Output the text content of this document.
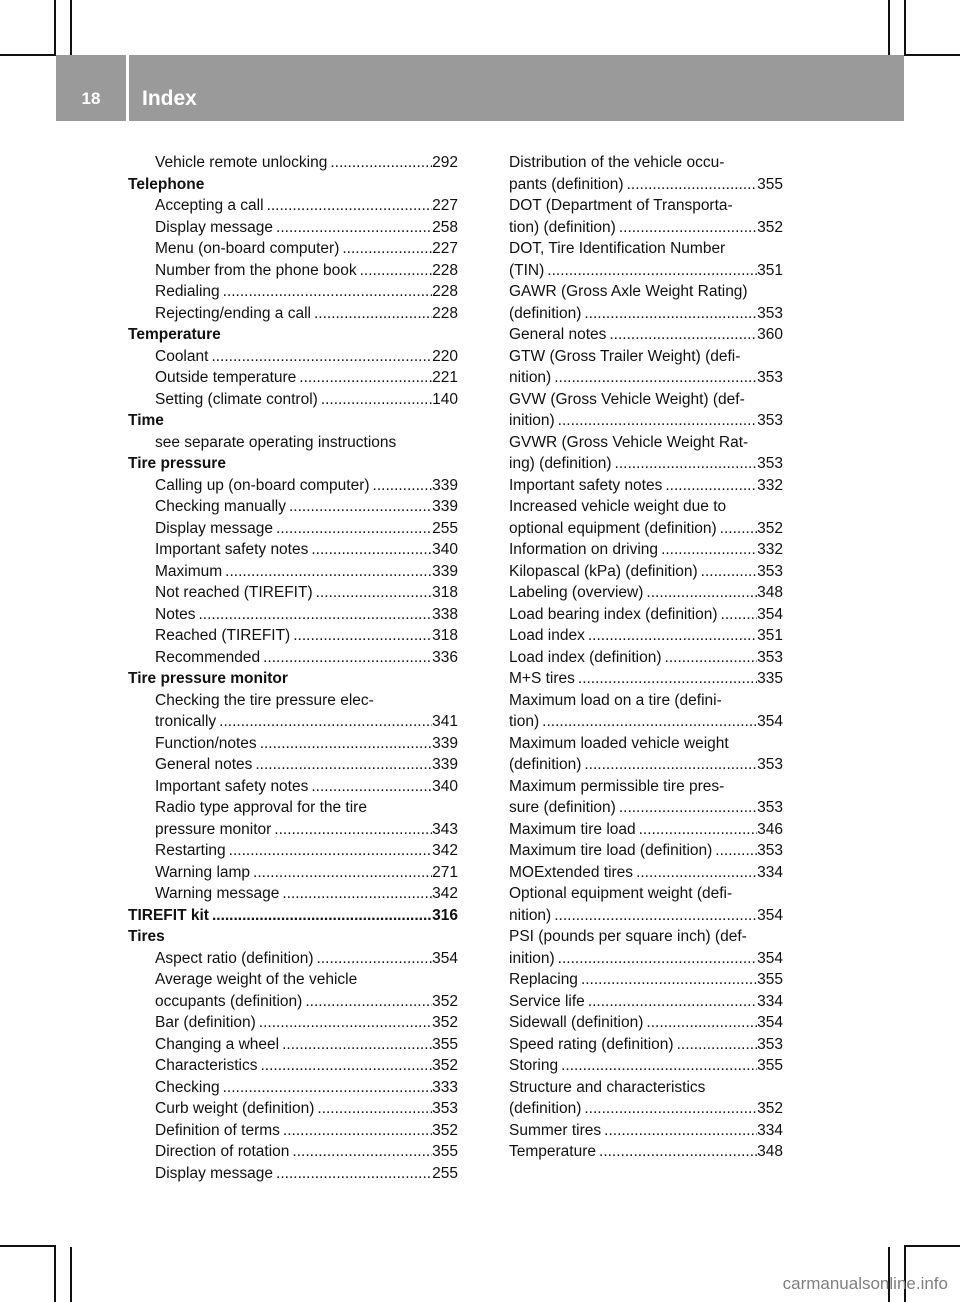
18	Index
Vehicle remote unlocking .....	292
Telephone
Accepting a call .....	227
Display message .....	258
Menu (on-board computer) .....	227
Number from the phone book .....	228
Redialing .....	228
Rejecting/ending a call .....	228
Temperature
Coolant .....	220
Outside temperature .....	221
Setting (climate control) .....	140
Time
see separate operating instructions
Tire pressure
Calling up (on-board computer) .....	339
Checking manually .....	339
Display message .....	255
Important safety notes .....	340
Maximum .....	339
Not reached (TIREFIT) .....	318
Notes .....	338
Reached (TIREFIT) .....	318
Recommended .....	336
Tire pressure monitor
Checking the tire pressure elec-
tronically .....	341
Function/notes .....	339
General notes .....	339
Important safety notes .....	340
Radio type approval for the tire
pressure monitor .....	343
Restarting .....	342
Warning lamp .....	271
Warning message .....	342
TIREFIT kit .....	316
Tires
Aspect ratio (definition) .....	354
Average weight of the vehicle
occupants (definition) .....	352
Bar (definition) .....	352
Changing a wheel .....	355
Characteristics .....	352
Checking .....	333
Curb weight (definition) .....	353
Definition of terms .....	352
Direction of rotation .....	355
Display message .....	255
Distribution of the vehicle occu-
pants (definition) .....	355
DOT (Department of Transporta-
tion) (definition) .....	352
DOT, Tire Identification Number
(TIN) .....	351
GAWR (Gross Axle Weight Rating)
(definition) .....	353
General notes .....	360
GTW (Gross Trailer Weight) (defi-
nition) .....	353
GVW (Gross Vehicle Weight) (def-
inition) .....	353
GVWR (Gross Vehicle Weight Rat-
ing) (definition) .....	353
Important safety notes .....	332
Increased vehicle weight due to
optional equipment (definition) .....	352
Information on driving .....	332
Kilopascal (kPa) (definition) .....	353
Labeling (overview) .....	348
Load bearing index (definition) .....	354
Load index .....	351
Load index (definition) .....	353
M+S tires .....	335
Maximum load on a tire (defini-
tion) .....	354
Maximum loaded vehicle weight
(definition) .....	353
Maximum permissible tire pres-
sure (definition) .....	353
Maximum tire load .....	346
Maximum tire load (definition) .....	353
MOExtended tires .....	334
Optional equipment weight (defi-
nition) .....	354
PSI (pounds per square inch) (def-
inition) .....	354
Replacing .....	355
Service life .....	334
Sidewall (definition) .....	354
Speed rating (definition) .....	353
Storing .....	355
Structure and characteristics
(definition) .....	352
Summer tires .....	334
Temperature .....	348
carmanualsonline.info
